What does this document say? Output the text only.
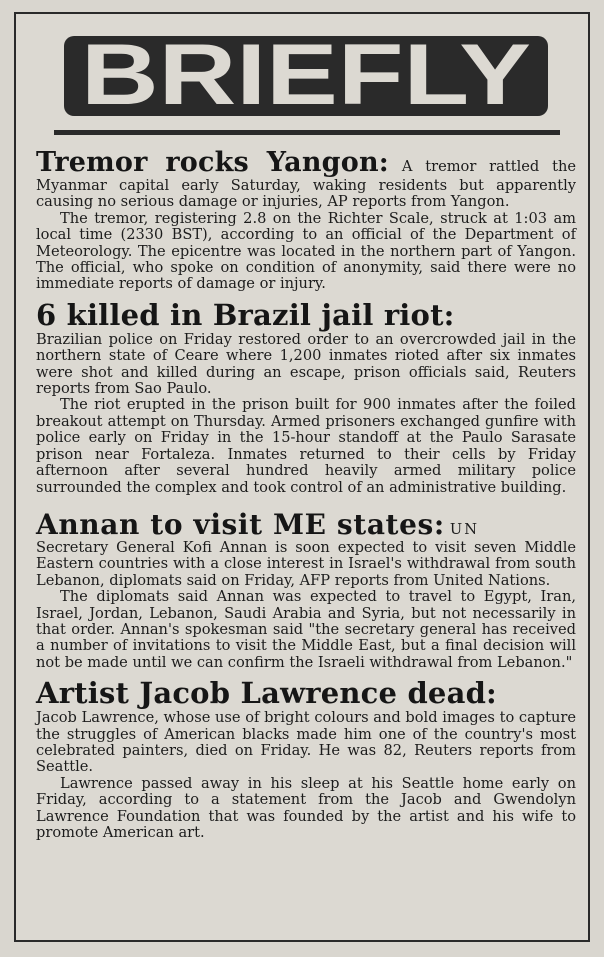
BRIEFLY

Tremor rocks Yangon: A tremor rattled the Myanmar capital early Saturday, waking residents but apparently causing no serious damage or injuries, AP reports from Yangon.

The tremor, registering 2.8 on the Richter Scale, struck at 1:03 am local time (2330 BST), according to an official of the Department of Meteorology. The epicentre was located in the northern part of Yangon. The official, who spoke on condition of anonymity, said there were no immediate reports of damage or injury.

6 killed in Brazil jail riot:

Brazilian police on Friday restored order to an overcrowded jail in the northern state of Ceare where 1,200 inmates rioted after six inmates were shot and killed during an escape, prison officials said, Reuters reports from Sao Paulo.

The riot erupted in the prison built for 900 inmates after the foiled breakout attempt on Thursday. Armed prisoners exchanged gunfire with police early on Friday in the 15-hour standoff at the Paulo Sarasate prison near Fortaleza. Inmates returned to their cells by Friday afternoon after several hundred heavily armed military police surrounded the complex and took control of an administrative building.

Annan to visit ME states: UN

Secretary General Kofi Annan is soon expected to visit seven Middle Eastern countries with a close interest in Israel's withdrawal from south Lebanon, diplomats said on Friday, AFP reports from United Nations.

The diplomats said Annan was expected to travel to Egypt, Iran, Israel, Jordan, Lebanon, Saudi Arabia and Syria, but not necessarily in that order. Annan's spokesman said "the secretary general has received a number of invitations to visit the Middle East, but a final decision will not be made until we can confirm the Israeli withdrawal from Lebanon."

Artist Jacob Lawrence dead:

Jacob Lawrence, whose use of bright colours and bold images to capture the struggles of American blacks made him one of the country's most celebrated painters, died on Friday. He was 82, Reuters reports from Seattle.

Lawrence passed away in his sleep at his Seattle home early on Friday, according to a statement from the Jacob and Gwendolyn Lawrence Foundation that was founded by the artist and his wife to promote American art.
